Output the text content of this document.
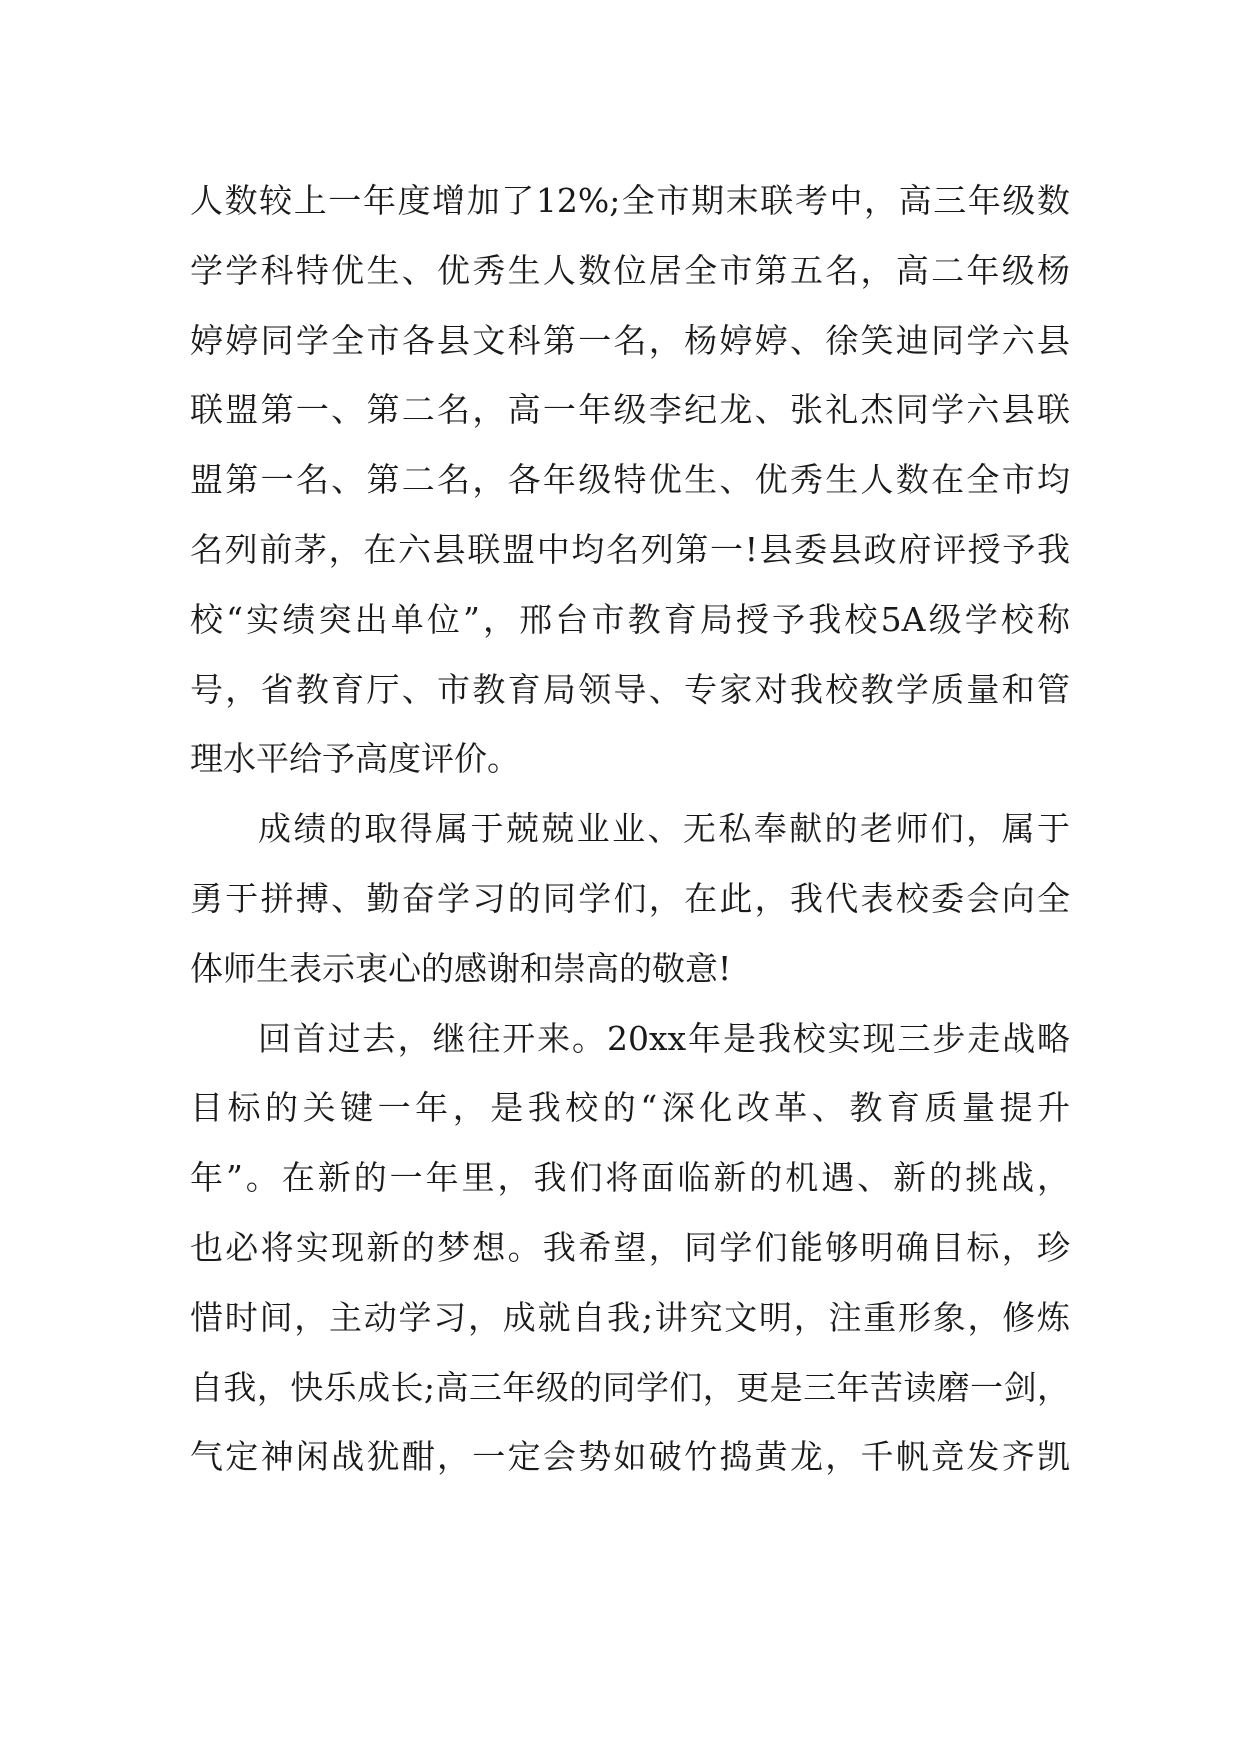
人数较上一年度增加了12%;全市期末联考中，高三年级数
学学科特优生、优秀生人数位居全市第五名，高二年级杨
婷婷同学全市各县文科第一名，杨婷婷、徐笑迪同学六县
联盟第一、第二名，高一年级李纪龙、张礼杰同学六县联
盟第一名、第二名，各年级特优生、优秀生人数在全市均
名列前茅，在六县联盟中均名列第一!县委县政府评授予我
校“实绩突出单位”，邢台市教育局授予我校5A级学校称
号，省教育厅、市教育局领导、专家对我校教学质量和管
理水平给予高度评价。
成绩的取得属于兢兢业业、无私奉献的老师们，属于
勇于拼搏、勤奋学习的同学们，在此，我代表校委会向全
体师生表示衷心的感谢和崇高的敬意!
回首过去，继往开来。20xx年是我校实现三步走战略
目标的关键一年，是我校的“深化改革、教育质量提升
年”。在新的一年里，我们将面临新的机遇、新的挑战，
也必将实现新的梦想。我希望，同学们能够明确目标，珍
惜时间，主动学习，成就自我;讲究文明，注重形象，修炼
自我，快乐成长;高三年级的同学们，更是三年苦读磨一剑，
气定神闲战犹酣，一定会势如破竹捣黄龙，千帆竞发齐凯
